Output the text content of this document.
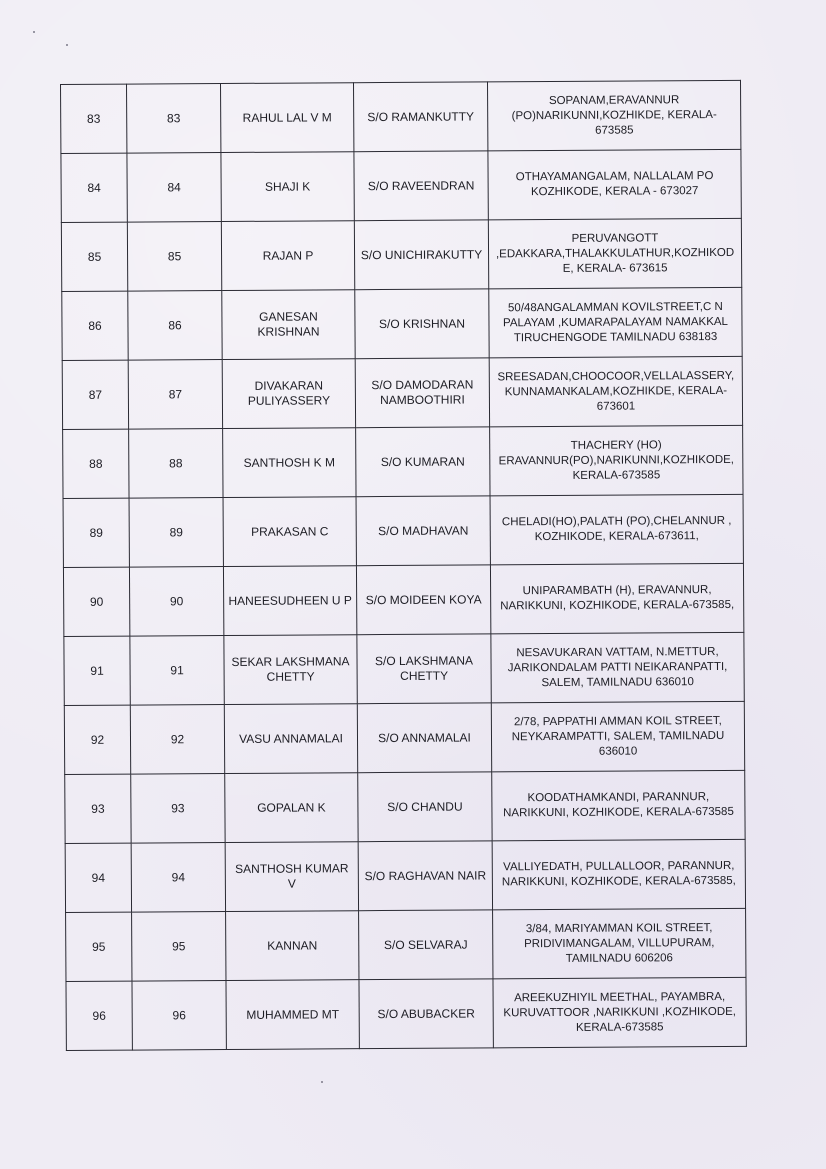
83	83	RAHUL LAL V M	S/O RAMANKUTTY	SOPANAM,ERAVANNUR (PO)NARIKUNNI,KOZHIKDE, KERALA-673585
84	84	SHAJI K	S/O RAVEENDRAN	OTHAYAMANGALAM, NALLALAM PO KOZHIKODE, KERALA - 673027
85	85	RAJAN P	S/O UNICHIRAKUTTY	PERUVANGOTT ,EDAKKARA,THALAKKULATHUR,KOZHIKOD E, KERALA- 673615
86	86	GANESAN KRISHNAN	S/O KRISHNAN	50/48ANGALAMMAN KOVILSTREET,C N PALAYAM ,KUMARAPALAYAM NAMAKKAL TIRUCHENGODE TAMILNADU 638183
87	87	DIVAKARAN PULIYASSERY	S/O DAMODARAN NAMBOOTHIRI	SREESADAN,CHOOCOOR,VELLALASSERY, KUNNAMANKALAM,KOZHIKDE, KERALA-673601
88	88	SANTHOSH K M	S/O KUMARAN	THACHERY (HO) ERAVANNUR(PO),NARIKUNNI,KOZHIKODE, KERALA-673585
89	89	PRAKASAN C	S/O MADHAVAN	CHELADI(HO),PALATH (PO),CHELANNUR , KOZHIKODE, KERALA-673611,
90	90	HANEESUDHEEN U P	S/O MOIDEEN KOYA	UNIPARAMBATH (H), ERAVANNUR, NARIKKUNI, KOZHIKODE, KERALA-673585,
91	91	SEKAR LAKSHMANA CHETTY	S/O LAKSHMANA CHETTY	NESAVUKARAN VATTAM, N.METTUR, JARIKONDALAM PATTI NEIKARANPATTI, SALEM, TAMILNADU 636010
92	92	VASU ANNAMALAI	S/O ANNAMALAI	2/78, PAPPATHI AMMAN KOIL STREET, NEYKARAMPATTI, SALEM, TAMILNADU 636010
93	93	GOPALAN K	S/O CHANDU	KOODATHAMKANDI, PARANNUR, NARIKKUNI, KOZHIKODE, KERALA-673585
94	94	SANTHOSH KUMAR V	S/O RAGHAVAN NAIR	VALLIYEDATH, PULLALLOOR, PARANNUR, NARIKKUNI, KOZHIKODE, KERALA-673585,
95	95	KANNAN	S/O SELVARAJ	3/84, MARIYAMMAN KOIL STREET, PRIDIVIMANGALAM, VILLUPURAM, TAMILNADU 606206
96	96	MUHAMMED MT	S/O ABUBACKER	AREEKUZHIYIL MEETHAL, PAYAMBRA, KURUVATTOOR ,NARIKKUNI ,KOZHIKODE, KERALA-673585
